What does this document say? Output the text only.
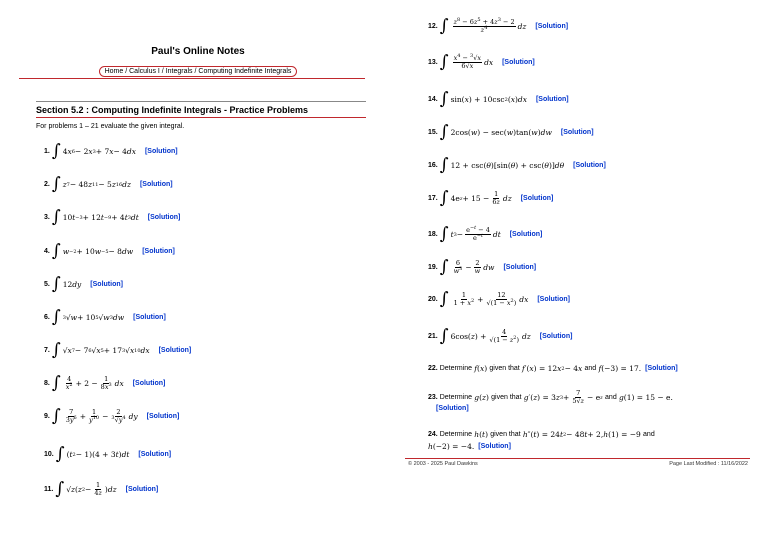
Paul's Online Notes
Home / Calculus I / Integrals / Computing Indefinite Integrals
Section 5.2 : Computing Indefinite Integrals - Practice Problems
For problems 1 – 21 evaluate the given integral.
1. ∫ 4 x 6 − 2 x 3 + 7 x − 4 dx [Solution]
2. ∫ z 7 − 48 z 11 − 5 z 16 dz [Solution]
3. ∫ 10 t −3 + 12 t −9 + 4 t 3 dt [Solution]
4. ∫ w −2 + 10 w −5 − 8 dw [Solution]
5. ∫ 12 dy [Solution]
6. ∫ 3 √ w + 10 5 √ w 3 dw [Solution]
7. ∫ √ x 7 − 7 6 √ x 5 + 17 3 √ x 10 dx [Solution]
8. ∫ $\frac{4}{x^2} + 2 - \frac{1}{8x^3}$ dx [Solution]
9. ∫ $\frac{7}{3y^6} + \frac{1}{y^{10}} - \frac{2}{^3√y^4}$ dy [Solution]
10. ∫ ( t 2 − 1)(4 + 3 t ) dt [Solution]
11. ∫ √ z ( z $2 - \frac{1}{4z}$ ) dz [Solution]
12. ∫ $\frac{z^8 - 6z^5 + 4z^3 - 2}{z^4}$ dz [Solution]
13. ∫ $\frac{x^4 - ^3√x}{6√x}$ dx [Solution]
14. ∫ sin( x ) + 10csc 2 ( x ) dx [Solution]
15. ∫ 2cos( w ) − sec( w )tan( w ) dw [Solution]
16. ∫ 12 + csc( θ )[sin( θ ) + csc( θ )] dθ [Solution]
17. ∫ 4e $z + 15 - \frac{1}{6z}$ dz [Solution]
18. ∫ t $3 - \frac{e^{-t} - 4}{e^{-t}}$ dt [Solution]
19. ∫ $\frac{6}{w^3} - \frac{2}{w}$ dw [Solution]
20. ∫ $\frac{1}{1 + x^2} + \frac{12}{√(1 - x^2)}$ dx [Solution]
21. ∫ 6cos( z ) + $\frac{4}{√(1 - z^2)}$ dz [Solution]
22. Determine
f ( x )
given that
f ′( x ) = 12 x 2 − 4 x
and
f (−3) = 17. [Solution]
23. Determine
g ( z )
given that
g ′( z ) = 3 z $3 + \frac{7}{5√z} - e$ z
and
g (1) = 15 − e.
[Solution]
24. Determine
h ( t )
given that
h ″( t ) = 24 t 2 − 48 t + 2, h (1) = −9
and
h (−2) = −4. [Solution]
© 2003 - 2025 Paul Dawkins	Page Last Modified : 11/16/2022
